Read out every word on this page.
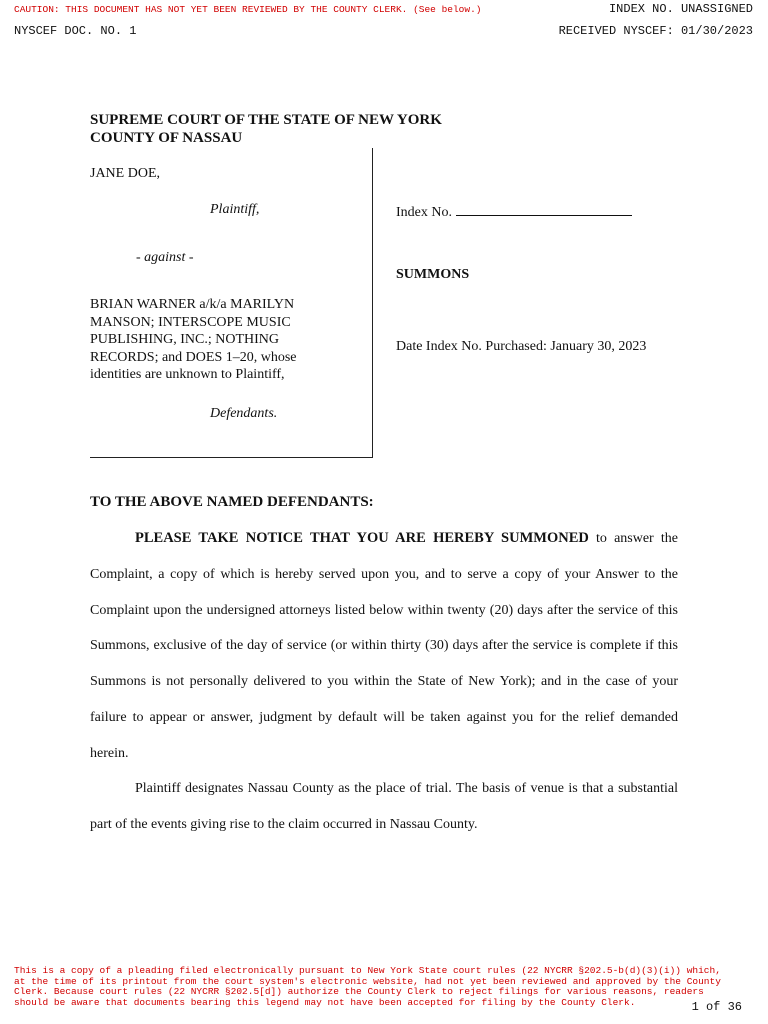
CAUTION: THIS DOCUMENT HAS NOT YET BEEN REVIEWED BY THE COUNTY CLERK. (See below.)	INDEX NO. UNASSIGNED
NYSCEF DOC. NO. 1	RECEIVED NYSCEF: 01/30/2023
SUPREME COURT OF THE STATE OF NEW YORK
COUNTY OF NASSAU
JANE DOE,
Plaintiff,
- against -
BRIAN WARNER a/k/a MARILYN MANSON; INTERSCOPE MUSIC PUBLISHING, INC.; NOTHING RECORDS; and DOES 1–20, whose identities are unknown to Plaintiff,
Defendants.
Index No.
SUMMONS
Date Index No. Purchased: January 30, 2023
TO THE ABOVE NAMED DEFENDANTS:
PLEASE TAKE NOTICE THAT YOU ARE HEREBY SUMMONED to answer the Complaint, a copy of which is hereby served upon you, and to serve a copy of your Answer to the Complaint upon the undersigned attorneys listed below within twenty (20) days after the service of this Summons, exclusive of the day of service (or within thirty (30) days after the service is complete if this Summons is not personally delivered to you within the State of New York); and in the case of your failure to appear or answer, judgment by default will be taken against you for the relief demanded herein.
Plaintiff designates Nassau County as the place of trial. The basis of venue is that a substantial part of the events giving rise to the claim occurred in Nassau County.
This is a copy of a pleading filed electronically pursuant to New York State court rules (22 NYCRR §202.5-b(d)(3)(i)) which, at the time of its printout from the court system's electronic website, had not yet been reviewed and approved by the County Clerk. Because court rules (22 NYCRR §202.5[d]) authorize the County Clerk to reject filings for various reasons, readers should be aware that documents bearing this legend may not have been accepted for filing by the County Clerk.	1 of 36
